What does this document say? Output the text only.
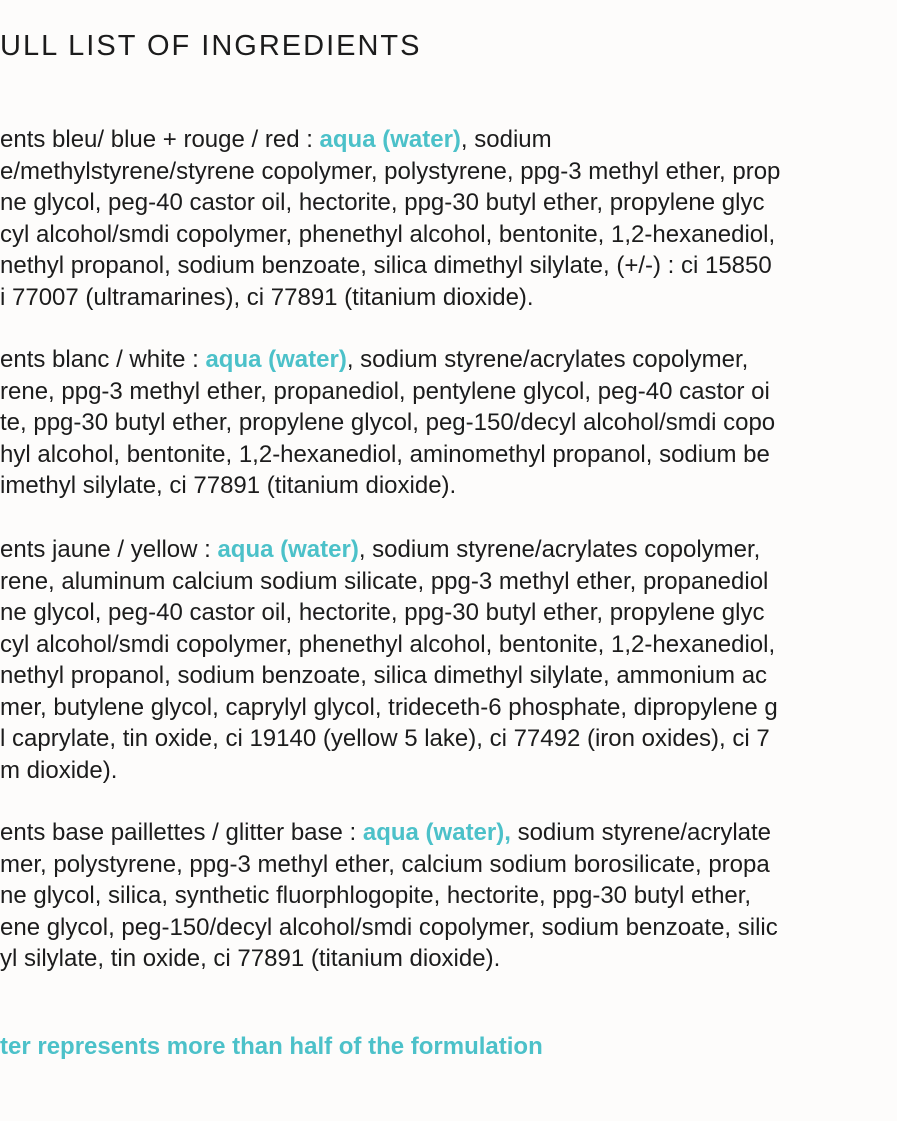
ULL LIST OF INGREDIENTS
ents bleu/ blue + rouge / red : aqua (water), sodium
e/methylstyrene/styrene copolymer, polystyrene, ppg-3 methyl ether, prop
ne glycol, peg-40 castor oil, hectorite, ppg-30 butyl ether, propylene glyc
cyl alcohol/smdi copolymer, phenethyl alcohol, bentonite, 1,2-hexanediol,
nethyl propanol, sodium benzoate, silica dimethyl silylate, (+/-) : ci 15850
i 77007 (ultramarines), ci 77891 (titanium dioxide).
ents blanc / white : aqua (water), sodium styrene/acrylates copolymer,
rene, ppg-3 methyl ether, propanediol, pentylene glycol, peg-40 castor oi
te, ppg-30 butyl ether, propylene glycol, peg-150/decyl alcohol/smdi copo
hyl alcohol, bentonite, 1,2-hexanediol, aminomethyl propanol, sodium be
imethyl silylate, ci 77891 (titanium dioxide).
ents jaune / yellow : aqua (water), sodium styrene/acrylates copolymer,
rene, aluminum calcium sodium silicate, ppg-3 methyl ether, propanediol
ne glycol, peg-40 castor oil, hectorite, ppg-30 butyl ether, propylene glyc
cyl alcohol/smdi copolymer, phenethyl alcohol, bentonite, 1,2-hexanediol,
nethyl propanol, sodium benzoate, silica dimethyl silylate, ammonium ac
mer, butylene glycol, caprylyl glycol, trideceth-6 phosphate, dipropylene g
l caprylate, tin oxide, ci 19140 (yellow 5 lake), ci 77492 (iron oxides), ci 7
m dioxide).
ents base paillettes / glitter base : aqua (water), sodium styrene/acrylate
mer, polystyrene, ppg-3 methyl ether, calcium sodium borosilicate, propa
ne glycol, silica, synthetic fluorphlogopite, hectorite, ppg-30 butyl ether,
ene glycol, peg-150/decyl alcohol/smdi copolymer, sodium benzoate, silic
yl silylate, tin oxide, ci 77891 (titanium dioxide).
ter represents more than half of the formulation
